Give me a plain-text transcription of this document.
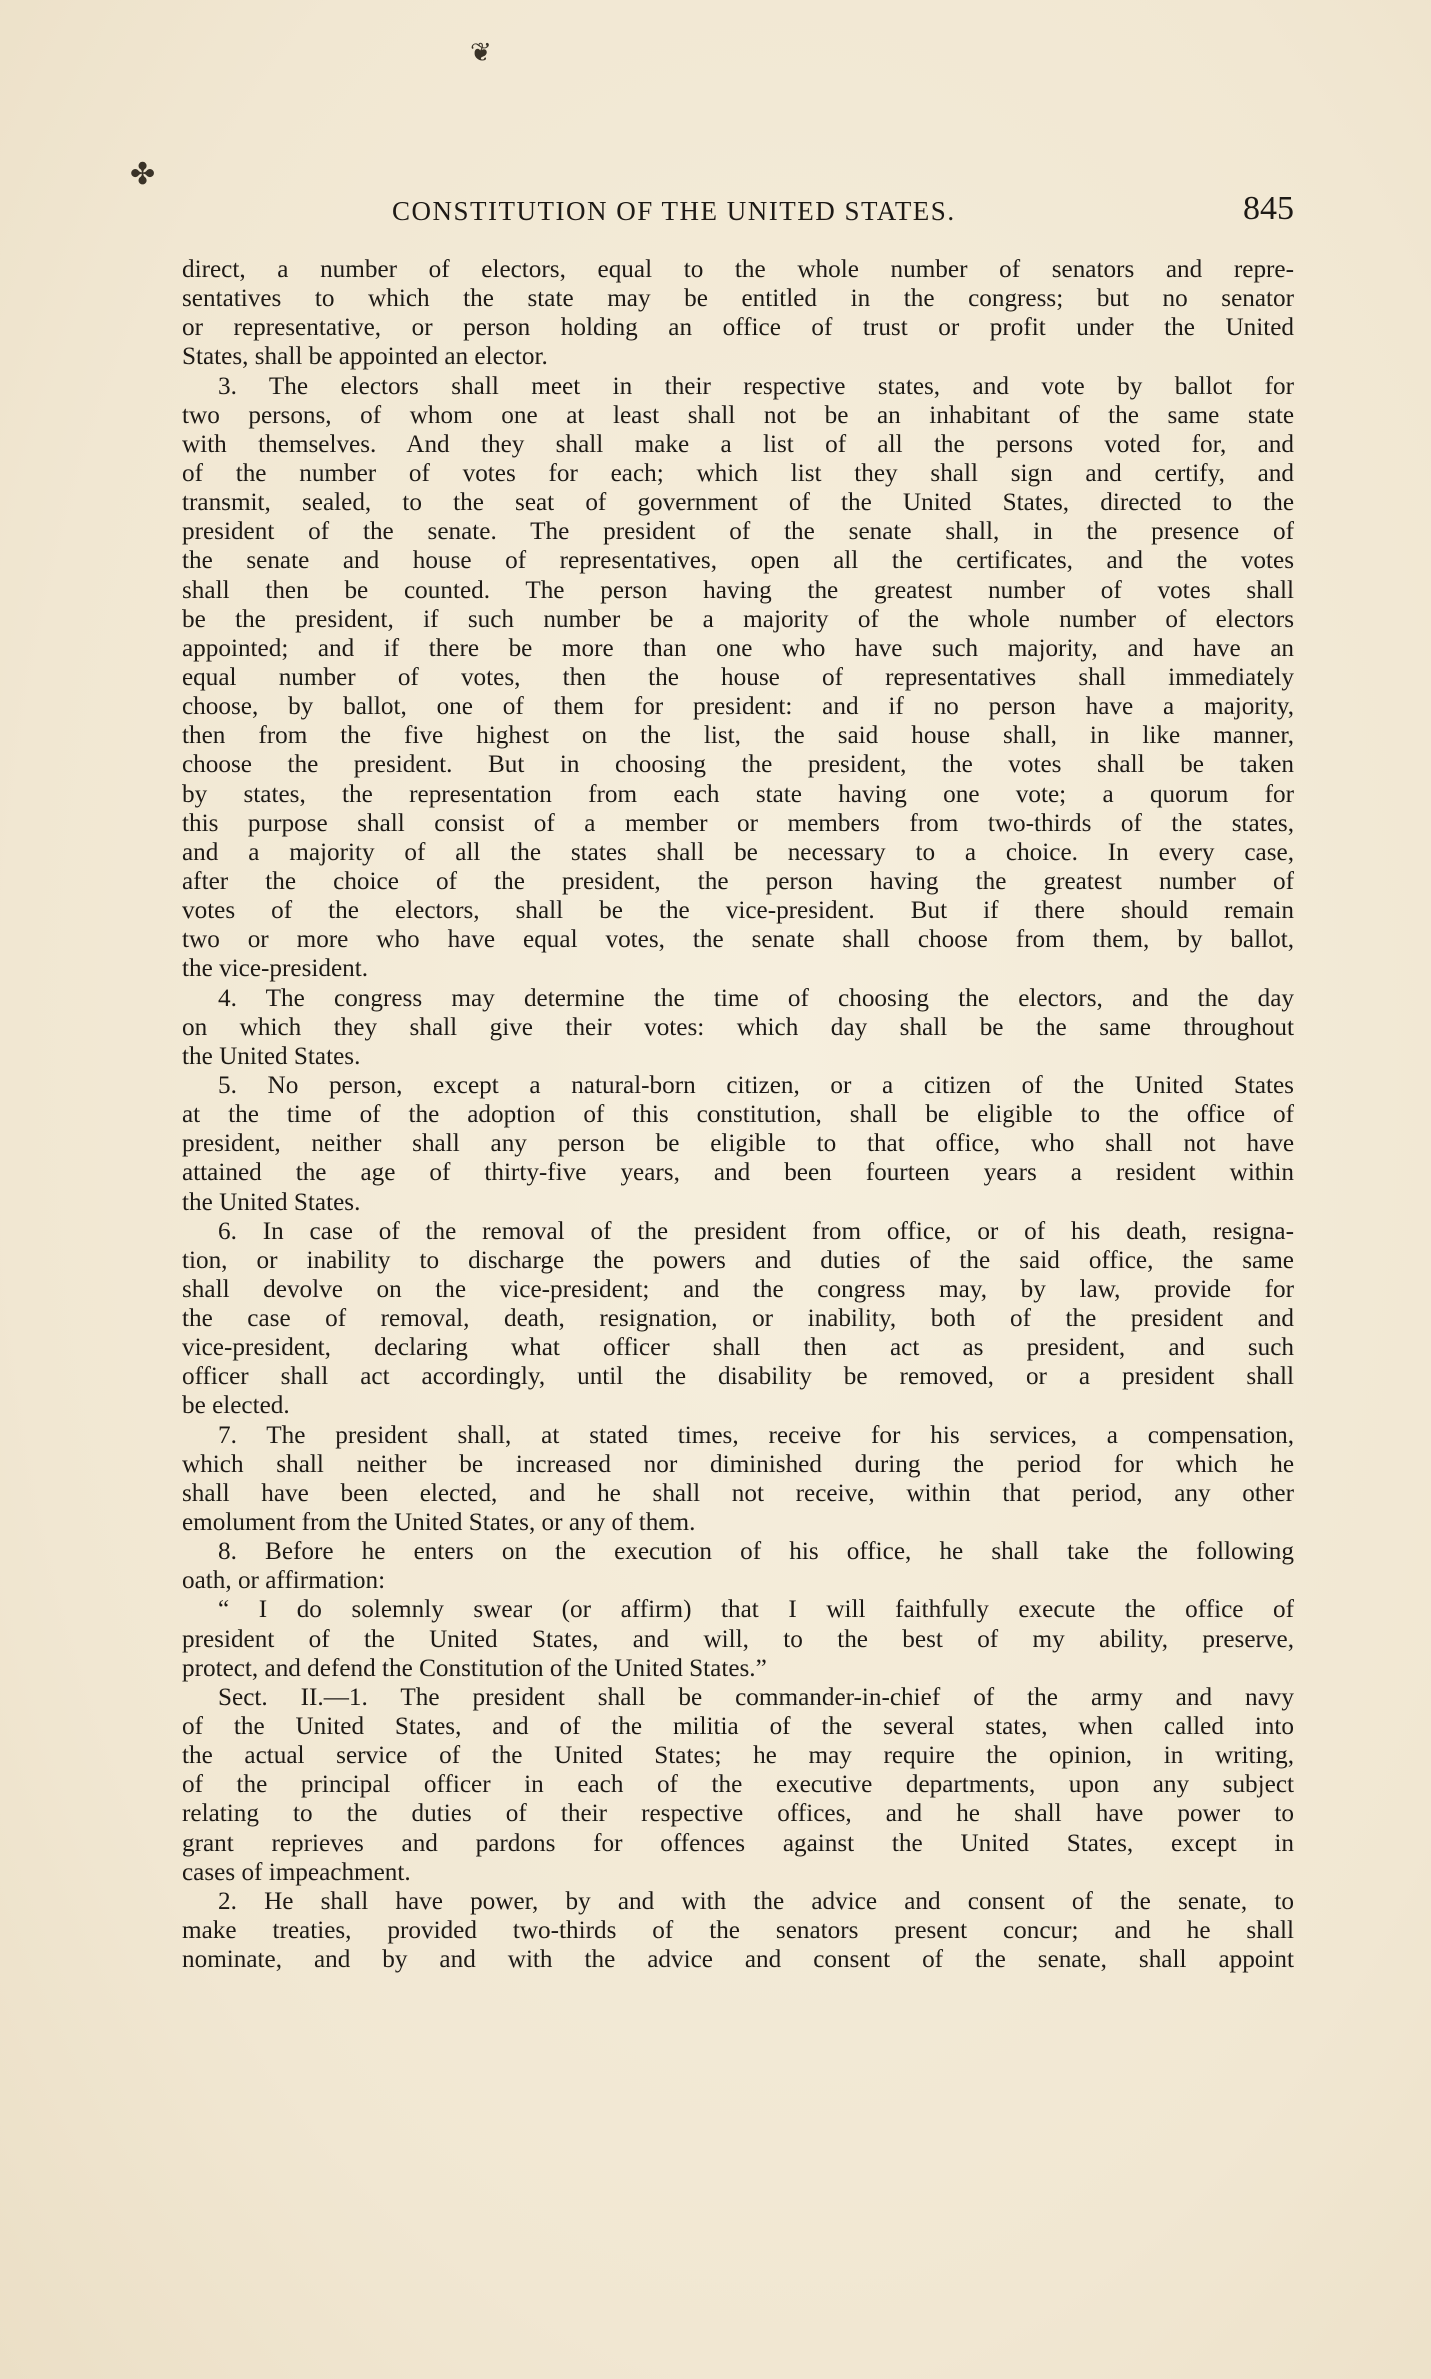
❦
✤
CONSTITUTION OF THE UNITED STATES.	845
direct, a number of electors, equal to the whole number of senators and repre-
sentatives to which the state may be entitled in the congress; but no senator
or representative, or person holding an office of trust or profit under the United
States, shall be appointed an elector.
3. The electors shall meet in their respective states, and vote by ballot for
two persons, of whom one at least shall not be an inhabitant of the same state
with themselves. And they shall make a list of all the persons voted for, and
of the number of votes for each; which list they shall sign and certify, and
transmit, sealed, to the seat of government of the United States, directed to the
president of the senate. The president of the senate shall, in the presence of
the senate and house of representatives, open all the certificates, and the votes
shall then be counted. The person having the greatest number of votes shall
be the president, if such number be a majority of the whole number of electors
appointed; and if there be more than one who have such majority, and have an
equal number of votes, then the house of representatives shall immediately
choose, by ballot, one of them for president: and if no person have a majority,
then from the five highest on the list, the said house shall, in like manner,
choose the president. But in choosing the president, the votes shall be taken
by states, the representation from each state having one vote; a quorum for
this purpose shall consist of a member or members from two-thirds of the states,
and a majority of all the states shall be necessary to a choice. In every case,
after the choice of the president, the person having the greatest number of
votes of the electors, shall be the vice-president. But if there should remain
two or more who have equal votes, the senate shall choose from them, by ballot,
the vice-president.
4. The congress may determine the time of choosing the electors, and the day
on which they shall give their votes: which day shall be the same throughout
the United States.
5. No person, except a natural-born citizen, or a citizen of the United States
at the time of the adoption of this constitution, shall be eligible to the office of
president, neither shall any person be eligible to that office, who shall not have
attained the age of thirty-five years, and been fourteen years a resident within
the United States.
6. In case of the removal of the president from office, or of his death, resigna-
tion, or inability to discharge the powers and duties of the said office, the same
shall devolve on the vice-president; and the congress may, by law, provide for
the case of removal, death, resignation, or inability, both of the president and
vice-president, declaring what officer shall then act as president, and such
officer shall act accordingly, until the disability be removed, or a president shall
be elected.
7. The president shall, at stated times, receive for his services, a compensation,
which shall neither be increased nor diminished during the period for which he
shall have been elected, and he shall not receive, within that period, any other
emolument from the United States, or any of them.
8. Before he enters on the execution of his office, he shall take the following
oath, or affirmation:
“ I do solemnly swear (or affirm) that I will faithfully execute the office of
president of the United States, and will, to the best of my ability, preserve,
protect, and defend the Constitution of the United States.”
Sect. II.—1. The president shall be commander-in-chief of the army and navy
of the United States, and of the militia of the several states, when called into
the actual service of the United States; he may require the opinion, in writing,
of the principal officer in each of the executive departments, upon any subject
relating to the duties of their respective offices, and he shall have power to
grant reprieves and pardons for offences against the United States, except in
cases of impeachment.
2. He shall have power, by and with the advice and consent of the senate, to
make treaties, provided two-thirds of the senators present concur; and he shall
nominate, and by and with the advice and consent of the senate, shall appoint
